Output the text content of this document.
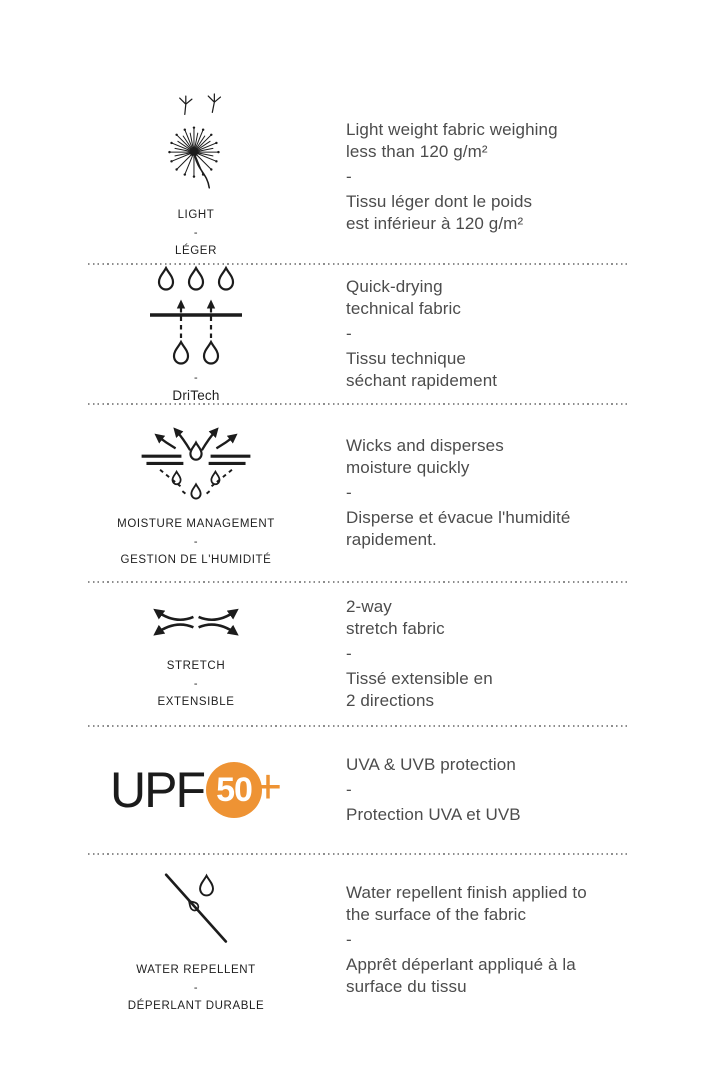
LIGHT
-
LÉGER
Light weight fabric weighing
less than 120 g/m²
-
Tissu léger dont le poids
est inférieur à 120 g/m²
-
DriTech
Quick-drying
technical fabric
-
Tissu technique
séchant rapidement
MOISTURE MANAGEMENT
-
GESTION DE L'HUMIDITÉ
Wicks and disperses
moisture quickly
-
Disperse et évacue l'humidité
rapidement.
STRETCH
-
EXTENSIBLE
2-way
stretch fabric
-
Tissé extensible en
2 directions
UPF 50 +	UVA & UVB protection
-
Protection UVA et UVB
WATER REPELLENT
-
DÉPERLANT DURABLE
Water repellent finish applied to
the surface of the fabric
-
Apprêt déperlant appliqué à la
surface du tissu
